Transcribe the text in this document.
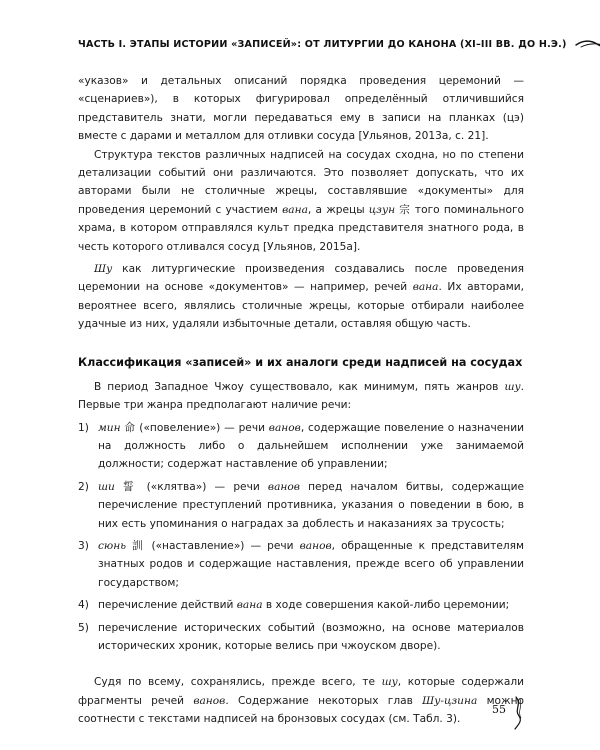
ЧАСТЬ I. ЭТАПЫ ИСТОРИИ «ЗАПИСЕЙ»: ОТ ЛИТУРГИИ ДО КАНОНА (XI–III ВВ. ДО Н.Э.)

«указов» и детальных описаний порядка проведения церемоний — «сценариев»), в которых фигурировал определённый отличившийся представитель знати, могли передаваться ему в записи на планках (цэ) вместе с дарами и металлом для отливки сосуда [Ульянов, 2013а, с. 21].

Структура текстов различных надписей на сосудах сходна, но по степени детализации событий они различаются. Это позволяет допускать, что их авторами были не столичные жрецы, составлявшие «документы» для проведения церемоний с участием вана, а жрецы цзун 宗 того поминального храма, в котором отправлялся культ предка представителя знатного рода, в честь которого отливался сосуд [Ульянов, 2015а].

Шу как литургические произведения создавались после проведения церемонии на основе «документов» — например, речей вана. Их авторами, вероятнее всего, являлись столичные жрецы, которые отбирали наиболее удачные из них, удаляли избыточные детали, оставляя общую часть.

Классификация «записей» и их аналоги среди надписей на сосудах

В период Западное Чжоу существовало, как минимум, пять жанров шу. Первые три жанра предполагают наличие речи:

1) мин 命 («повеление») — речи ванов, содержащие повеление о назначении на должность либо о дальнейшем исполнении уже занимаемой должности; содержат наставление об управлении;
2) ши 誓 («клятва») — речи ванов перед началом битвы, содержащие перечисление преступлений противника, указания о поведении в бою, в них есть упоминания о наградах за доблесть и наказаниях за трусость;
3) сюнь 訓 («наставление») — речи ванов, обращенные к представителям знатных родов и содержащие наставления, прежде всего об управлении государством;
4) перечисление действий вана в ходе совершения какой-либо церемонии;
5) перечисление исторических событий (возможно, на основе материалов исторических хроник, которые велись при чжоуском дворе).

Судя по всему, сохранялись, прежде всего, те шу, которые содержали фрагменты речей ванов. Содержание некоторых глав Шу-цзина можно соотнести с текстами надписей на бронзовых сосудах (см. Табл. 3).

55
